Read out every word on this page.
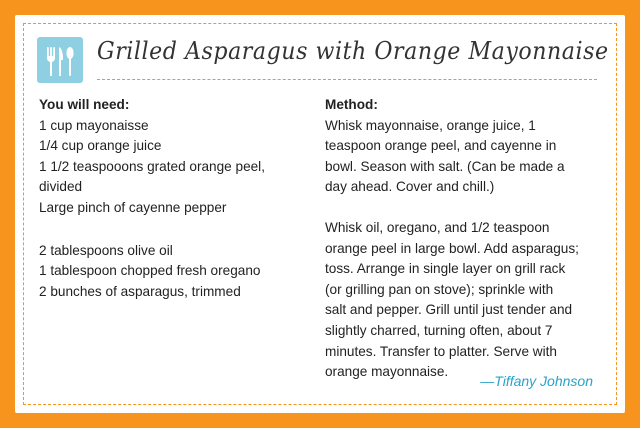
Grilled Asparagus with Orange Mayonnaise
You will need:
1 cup mayonaisse
1/4 cup orange juice
1 1/2 teaspooons grated orange peel,
divided
Large pinch of cayenne pepper
2 tablespoons olive oil
1 tablespoon chopped fresh oregano
2 bunches of asparagus, trimmed
Method:
Whisk mayonnaise, orange juice, 1
teaspoon orange peel, and cayenne in
bowl. Season with salt. (Can be made a
day ahead. Cover and chill.)
Whisk oil, oregano, and 1/2 teaspoon
orange peel in large bowl. Add asparagus;
toss. Arrange in single layer on grill rack
(or grilling pan on stove); sprinkle with
salt and pepper. Grill until just tender and
slightly charred, turning often, about 7
minutes. Transfer to platter. Serve with
orange mayonnaise.
—Tiffany Johnson
